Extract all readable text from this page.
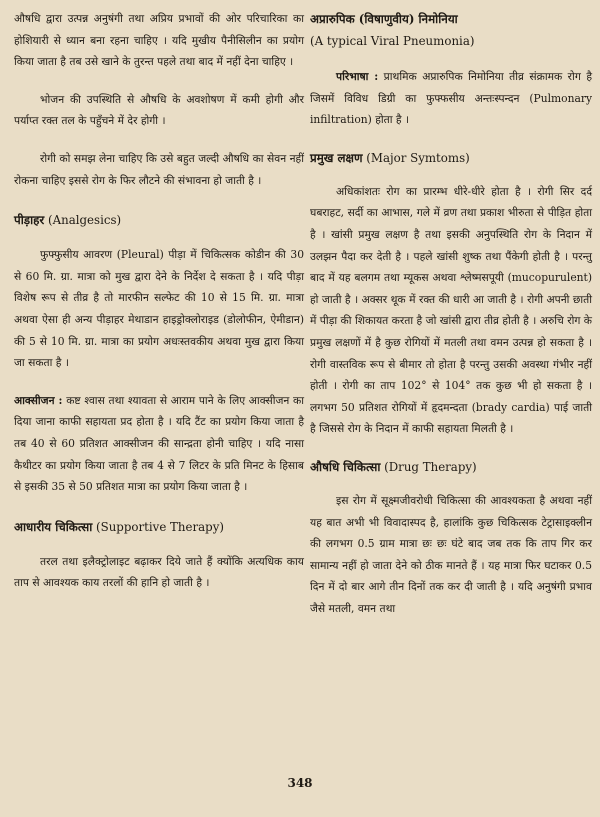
औषधि द्वारा उत्पन्न अनुषंगी तथा अप्रिय प्रभावों की ओर परिचारिका का होशियारी से ध्यान बना रहना चाहिए । यदि मुखीय पैनीसिलीन का प्रयोग किया जाता है तब उसे खाने के तुरन्त पहले तथा बाद में नहीं देना चाहिए ।

भोजन की उपस्थिति से औषधि के अवशोषण में कमी होगी और पर्याप्त रक्त तल के पहुँचने में देर होगी ।

रोगी को समझ लेना चाहिए कि उसे बहुत जल्दी औषधि का सेवन नहीं रोकना चाहिए इससे रोग के फिर लौटने की संभावना हो जाती है ।

पीड़ाहर (Analgesics)

फुफ्फुसीय आवरण (Pleural) पीड़ा में चिकित्सक कोडीन की 30 से 60 मि. ग्रा. मात्रा को मुख द्वारा देने के निर्देश दे सकता है । यदि पीड़ा विशेष रूप से तीव्र है तो मारफीन सल्फेट की 10 से 15 मि. ग्रा. मात्रा अथवा ऐसा ही अन्य पीड़ाहर मेथाडान हाइड्रोक्लोराइड (डोलोफीन, ऐमीडान) की 5 से 10 मि. ग्रा. मात्रा का प्रयोग अधःस्तवकीय अथवा मुख द्वारा किया जा सकता है ।

आक्सीजन : कष्ट श्वास तथा श्यावता से आराम पाने के लिए आक्सीजन का दिया जाना काफी सहायता प्रद होता है । यदि टैंट का प्रयोग किया जाता है तब 40 से 60 प्रतिशत आक्सीजन की सान्द्रता होनी चाहिए । यदि नासा कैथीटर का प्रयोग किया जाता है तब 4 से 7 लिटर के प्रति मिनट के हिसाब से इसकी 35 से 50 प्रतिशत मात्रा का प्रयोग किया जाता है ।

आधारीय चिकित्सा (Supportive Therapy)

तरल तथा इलैक्ट्रोलाइट बढ़ाकर दिये जाते हैं क्योंकि अत्यधिक काय ताप से आवश्यक काय तरलों की हानि हो जाती है ।

अप्रारुपिक (विषाणुवीय) निमोनिया

(A typical Viral Pneumonia)

परिभाषा : प्राथमिक अप्रारुपिक निमोनिया तीव्र संक्रामक रोग है जिसमें विविध डिग्री का फुफ्फसीय अन्तःस्पन्दन (Pulmonary infiltration) होता है ।

प्रमुख लक्षण (Major Symtoms)

अधिकांशतः रोग का प्रारम्भ धीरे-धीरे होता है । रोगी सिर दर्द घबराहट, सर्दी का आभास, गले में व्रण तथा प्रकाश भीरुता से पीड़ित होता है । खांसी प्रमुख लक्षण है तथा इसकी अनुपस्थिति रोग के निदान में उलझन पैदा कर देती है । पहले खांसी शुष्क तथा पैंकेगी होती है । परन्तु बाद में यह बलगम तथा म्यूकस अथवा श्लेष्मसपूयी (mucopurulent) हो जाती है । अक्सर थूक में रक्त की धारी आ जाती है । रोगी अपनी छाती में पीड़ा की शिकायत करता है जो खांसी द्वारा तीव्र होती है । अरुचि रोग के प्रमुख लक्षणों में है कुछ रोगियों में मतली तथा वमन उत्पन्न हो सकता है । रोगी वास्तविक रूप से बीमार तो होता है परन्तु उसकी अवस्था गंभीर नहीं होती । रोगी का ताप 102° से 104° तक कुछ भी हो सकता है । लगभग 50 प्रतिशत रोगियों में हृदमन्दता (brady cardia) पाई जाती है जिससे रोग के निदान में काफी सहायता मिलती है ।

औषधि चिकित्सा (Drug Therapy)

इस रोग में सूक्ष्मजीवरोधी चिकित्सा की आवश्यकता है अथवा नहीं यह बात अभी भी विवादास्पद है, हालांकि कुछ चिकित्सक टेट्रासाइक्लीन की लगभग 0.5 ग्राम मात्रा छः छः घंटे बाद जब तक कि ताप गिर कर सामान्य नहीं हो जाता देने को ठीक मानते हैं । यह मात्रा फिर घटाकर 0.5 दिन में दो बार आगे तीन दिनों तक कर दी जाती है । यदि अनुषंगी प्रभाव जैसे मतली, वमन तथा

348
